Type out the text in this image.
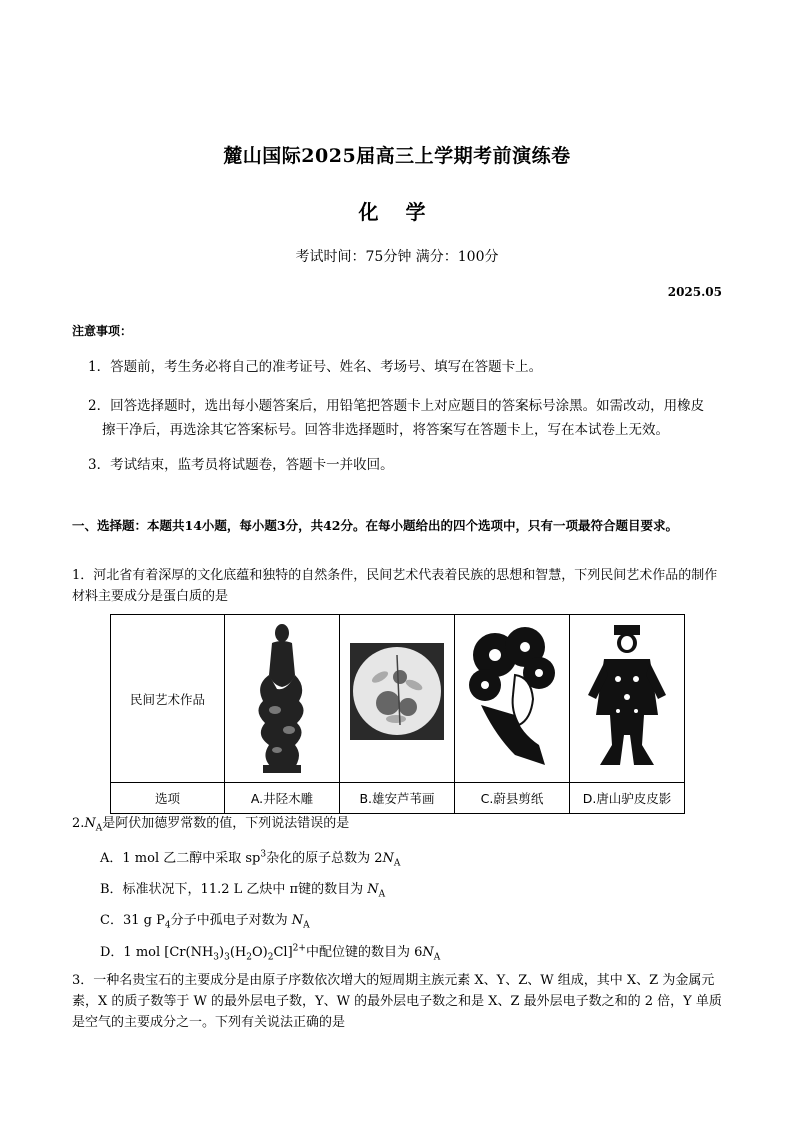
麓山国际2025届高三上学期考前演练卷
化 学
考试时间：75分钟 满分：100分
2025.05
注意事项：
1．答题前，考生务必将自己的准考证号、姓名、考场号、填写在答题卡上。
2．回答选择题时，选出每小题答案后，用铅笔把答题卡上对应题目的答案标号涂黑。如需改动，用橡皮
擦干净后，再选涂其它答案标号。回答非选择题时，将答案写在答题卡上，写在本试卷上无效。
3．考试结束，监考员将试题卷，答题卡一并收回。
一、选择题：本题共14小题，每小题3分，共42分。在每小题给出的四个选项中，只有一项最符合题目要求。
1．河北省有着深厚的文化底蕴和独特的自然条件，民间艺术代表着民族的思想和智慧，下列民间艺术作品的制作材料主要成分是蛋白质的是
民间艺术作品				
选项	A.井陉木雕	B.雄安芦苇画	C.蔚县剪纸	D.唐山驴皮皮影
$2.N_A$是阿伏加德罗常数的值，下列说法错误的是
A．1 mol 乙二醇中采取 $sp^3$杂化的原子总数为 $2N_A$
B．标准状况下，11.2 L 乙炔中 π键的数目为 $N_A$
C．31 g $P_4$分子中孤电子对数为 $N_A$
D．1 mol $[Cr(NH_3)_3(H_2O)_2Cl]^{2+}$中配位键的数目为 $6N_A$
3．一种名贵宝石的主要成分是由原子序数依次增大的短周期主族元素 X、Y、Z、W 组成，其中 X、Z 为金属元素，X 的质子数等于 W 的最外层电子数，Y、W 的最外层电子数之和是 X、Z 最外层电子数之和的 2 倍，Y 单质是空气的主要成分之一。下列有关说法正确的是
